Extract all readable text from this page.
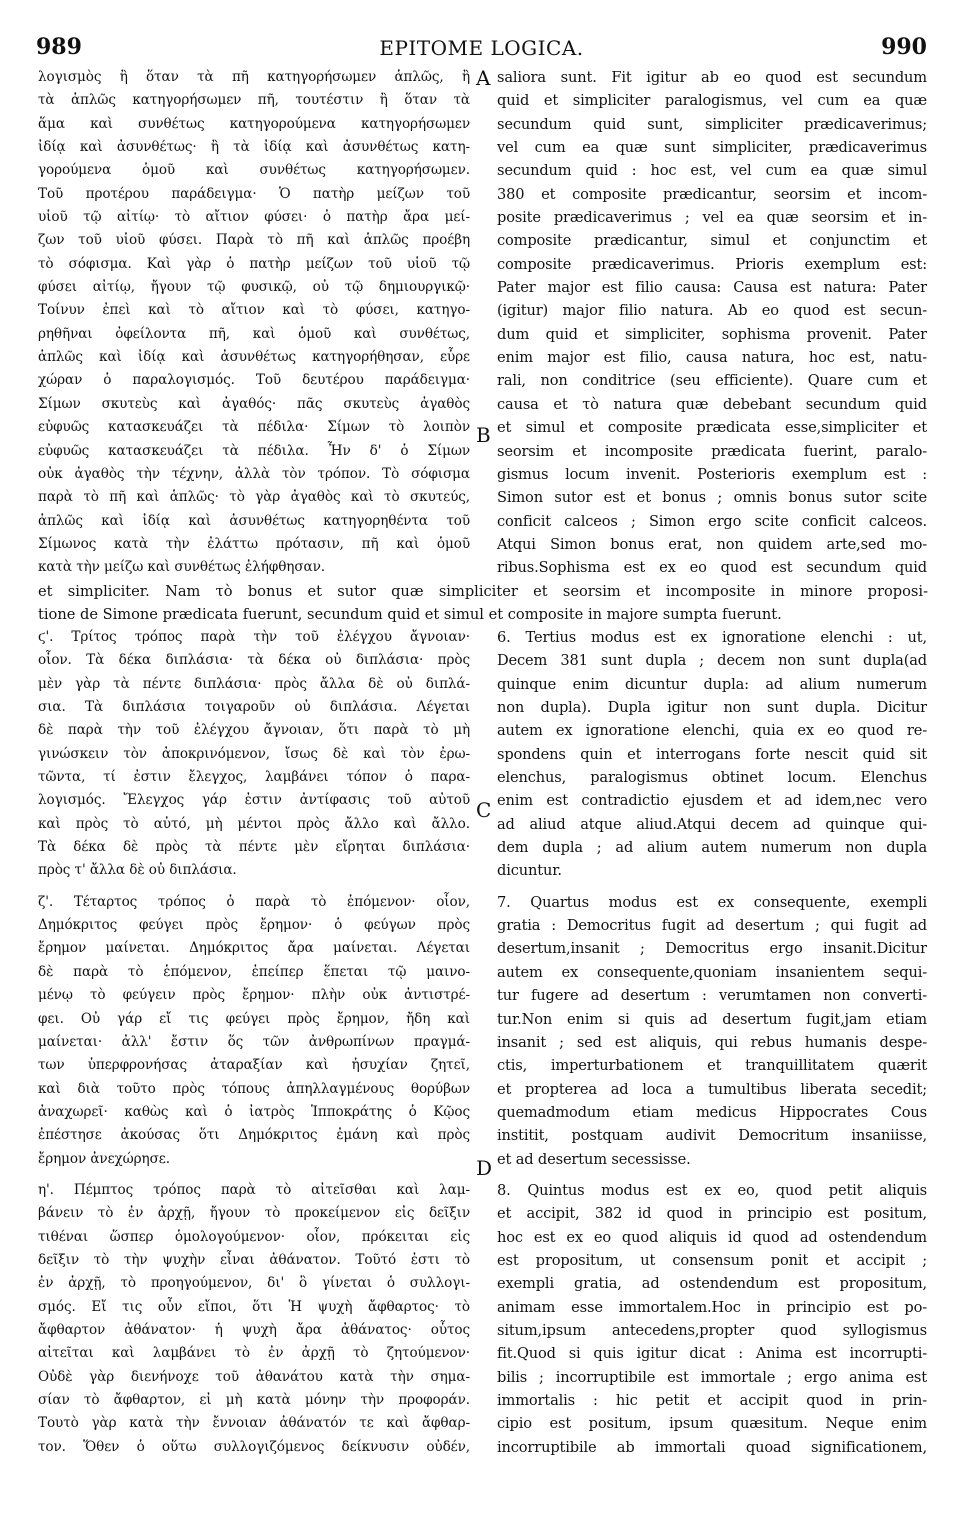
989	EPITOME LOGICA.	990
λογισμὸς ἢ ὅταν τὰ πῆ κατηγορήσωμεν ἁπλῶς, ἢ
τὰ ἁπλῶς κατηγορήσωμεν πῆ, τουτέστιν ἢ ὅταν τὰ
ἅμα καὶ συνθέτως κατηγορούμενα κατηγορήσωμεν
ἰδίᾳ καὶ ἀσυνθέτως· ἢ τὰ ἰδίᾳ καὶ ἀσυνθέτως κατη-
γορούμενα ὁμοῦ καὶ συνθέτως κατηγορήσωμεν.
Τοῦ προτέρου παράδειγμα· Ὁ πατὴρ μείζων τοῦ
υἱοῦ τῷ αἰτίῳ· τὸ αἴτιον φύσει· ὁ πατὴρ ἄρα μεί-
ζων τοῦ υἱοῦ φύσει. Παρὰ τὸ πῆ καὶ ἁπλῶς προέβη
τὸ σόφισμα. Καὶ γὰρ ὁ πατὴρ μείζων τοῦ υἱοῦ τῷ
φύσει αἰτίῳ, ἤγουν τῷ φυσικῷ, οὐ τῷ δημιουργικῷ·
Τοίνυν ἐπεὶ καὶ τὸ αἴτιον καὶ τὸ φύσει, κατηγο-
ρηθῆναι ὀφείλοντα πῆ, καὶ ὁμοῦ καὶ συνθέτως,
ἁπλῶς καὶ ἰδίᾳ καὶ ἀσυνθέτως κατηγορήθησαν, εὗρε
χώραν ὁ παραλογισμός. Τοῦ δευτέρου παράδειγμα·
Σίμων σκυτεὺς καὶ ἀγαθός· πᾶς σκυτεὺς ἀγαθὸς
εὐφυῶς κατασκευάζει τὰ πέδιλα· Σίμων τὸ λοιπὸν
εὐφυῶς κατασκευάζει τὰ πέδιλα. Ἦν δ' ὁ Σίμων
οὐκ ἀγαθὸς τὴν τέχνην, ἀλλὰ τὸν τρόπον. Τὸ σόφισμα
παρὰ τὸ πῆ καὶ ἁπλῶς· τὸ γὰρ ἀγαθὸς καὶ τὸ σκυτεύς,
ἁπλῶς καὶ ἰδίᾳ καὶ ἀσυνθέτως κατηγορηθέντα τοῦ
Σίμωνος κατὰ τὴν ἐλάττω πρότασιν, πῆ καὶ ὁμοῦ
κατὰ τὴν μείζω καὶ συνθέτως ἐλήφθησαν.
saliora sunt. Fit igitur ab eo quod est secundum
quid et simpliciter paralogismus, vel cum ea quæ
secundum quid sunt, simpliciter prædicaverimus;
vel cum ea quæ sunt simpliciter, prædicaverimus
secundum quid : hoc est, vel cum ea quæ simul
380 et composite prædicantur, seorsim et incom-
posite prædicaverimus ; vel ea quæ seorsim et in-
composite prædicantur, simul et conjunctim et
composite prædicaverimus. Prioris exemplum est:
Pater major est filio causa: Causa est natura: Pater
(igitur) major filio natura. Ab eo quod est secun-
dum quid et simpliciter, sophisma provenit. Pater
enim major est filio, causa natura, hoc est, natu-
rali, non conditrice (seu efficiente). Quare cum et
causa et τὸ natura quæ debebant secundum quid
et simul et composite prædicata esse,simpliciter et
seorsim et incomposite prædicata fuerint, paralo-
gismus locum invenit. Posterioris exemplum est :
Simon sutor est et bonus ; omnis bonus sutor scite
conficit calceos ; Simon ergo scite conficit calceos.
Atqui Simon bonus erat, non quidem arte,sed mo-
ribus.Sophisma est ex eo quod est secundum quid
et simpliciter. Nam τὸ bonus et sutor quæ simpliciter et seorsim et incomposite in minore proposi-
tione de Simone prædicata fuerunt, secundum quid et simul et composite in majore sumpta fuerunt.
ϛ'. Τρίτος τρόπος παρὰ τὴν τοῦ ἐλέγχου ἄγνοιαν·
οἷον. Τὰ δέκα διπλάσια· τὰ δέκα οὐ διπλάσια· πρὸς
μὲν γὰρ τὰ πέντε διπλάσια· πρὸς ἄλλα δὲ οὐ διπλά-
σια. Τὰ διπλάσια τοιγαροῦν οὐ διπλάσια. Λέγεται
δὲ παρὰ τὴν τοῦ ἐλέγχου ἄγνοιαν, ὅτι παρὰ τὸ μὴ
γινώσκειν τὸν ἀποκρινόμενον, ἴσως δὲ καὶ τὸν ἐρω-
τῶντα, τί ἐστιν ἔλεγχος, λαμβάνει τόπον ὁ παρα-
λογισμός. Ἔλεγχος γάρ ἐστιν ἀντίφασις τοῦ αὐτοῦ
καὶ πρὸς τὸ αὐτό, μὴ μέντοι πρὸς ἄλλο καὶ ἄλλο.
Τὰ δέκα δὲ πρὸς τὰ πέντε μὲν εἴρηται διπλάσια·
πρὸς τ' ἄλλα δὲ οὐ διπλάσια.
ζ'. Τέταρτος τρόπος ὁ παρὰ τὸ ἑπόμενον· οἷον,
Δημόκριτος φεύγει πρὸς ἔρημον· ὁ φεύγων πρὸς
ἔρημον μαίνεται. Δημόκριτος ἄρα μαίνεται. Λέγεται
δὲ παρὰ τὸ ἑπόμενον, ἐπείπερ ἕπεται τῷ μαινο-
μένῳ τὸ φεύγειν πρὸς ἔρημον· πλὴν οὐκ ἀντιστρέ-
φει. Οὐ γάρ εἴ τις φεύγει πρὸς ἔρημον, ἤδη καὶ
μαίνεται· ἀλλ' ἔστιν ὅς τῶν ἀνθρωπίνων πραγμά-
των ὑπερφρονήσας ἀταραξίαν καὶ ἡσυχίαν ζητεῖ,
καὶ διὰ τοῦτο πρὸς τόπους ἀπηλλαγμένους θορύβων
ἀναχωρεῖ· καθὼς καὶ ὁ ἰατρὸς Ἱπποκράτης ὁ Κῷος
ἐπέστησε ἀκούσας ὅτι Δημόκριτος ἐμάνη καὶ πρὸς
ἔρημον ἀνεχώρησε.
η'. Πέμπτος τρόπος παρὰ τὸ αἰτεῖσθαι καὶ λαμ-
βάνειν τὸ ἐν ἀρχῇ, ἤγουν τὸ προκείμενον εἰς δεῖξιν
τιθέναι ὥσπερ ὁμολογούμενον· οἷον, πρόκειται εἰς
δεῖξιν τὸ τὴν ψυχὴν εἶναι ἀθάνατον. Τοῦτό ἐστι τὸ
ἐν ἀρχῇ, τὸ προηγούμενον, δι' ὃ γίνεται ὁ συλλογι-
σμός. Εἴ τις οὖν εἴποι, ὅτι Ἡ ψυχὴ ἄφθαρτος· τὸ
ἄφθαρτον ἀθάνατον· ἡ ψυχὴ ἄρα ἀθάνατος· οὗτος
αἰτεῖται καὶ λαμβάνει τὸ ἐν ἀρχῇ τὸ ζητούμενον·
Οὐδὲ γὰρ διενήνοχε τοῦ ἀθανάτου κατὰ τὴν σημα-
σίαν τὸ ἄφθαρτον, εἰ μὴ κατὰ μόνην τὴν προφοράν.
Τουτὸ γὰρ κατὰ τὴν ἔννοιαν ἀθάνατόν τε καὶ ἄφθαρ-
τον. Ὅθεν ὁ οὕτω συλλογιζόμενος δείκνυσιν οὐδέν,
6. Tertius modus est ex ignoratione elenchi : ut,
Decem 381 sunt dupla ; decem non sunt dupla(ad
quinque enim dicuntur dupla: ad alium numerum
non dupla). Dupla igitur non sunt dupla. Dicitur
autem ex ignoratione elenchi, quia ex eo quod re-
spondens quin et interrogans forte nescit quid sit
elenchus, paralogismus obtinet locum. Elenchus
enim est contradictio ejusdem et ad idem,nec vero
ad aliud atque aliud.Atqui decem ad quinque qui-
dem dupla ; ad alium autem numerum non dupla
dicuntur.
7. Quartus modus est ex consequente, exempli
gratia : Democritus fugit ad desertum ; qui fugit ad
desertum,insanit ; Democritus ergo insanit.Dicitur
autem ex consequente,quoniam insanientem sequi-
tur fugere ad desertum : verumtamen non converti-
tur.Non enim si quis ad desertum fugit,jam etiam
insanit ; sed est aliquis, qui rebus humanis despe-
ctis, imperturbationem et tranquillitatem quærit
et propterea ad loca a tumultibus liberata secedit;
quemadmodum etiam medicus Hippocrates Cous
institit, postquam audivit Democritum insaniisse,
et ad desertum secessisse.
8. Quintus modus est ex eo, quod petit aliquis
et accipit, 382 id quod in principio est positum,
hoc est ex eo quod aliquis id quod ad ostendendum
est propositum, ut consensum ponit et accipit ;
exempli gratia, ad ostendendum est propositum,
animam esse immortalem.Hoc in principio est po-
situm,ipsum antecedens,propter quod syllogismus
fit.Quod si quis igitur dicat : Anima est incorrupti-
bilis ; incorruptibile est immortale ; ergo anima est
immortalis : hic petit et accipit quod in prin-
cipio est positum, ipsum quæsitum. Neque enim
incorruptibile ab immortali quoad significationem,
A
B
C
D
